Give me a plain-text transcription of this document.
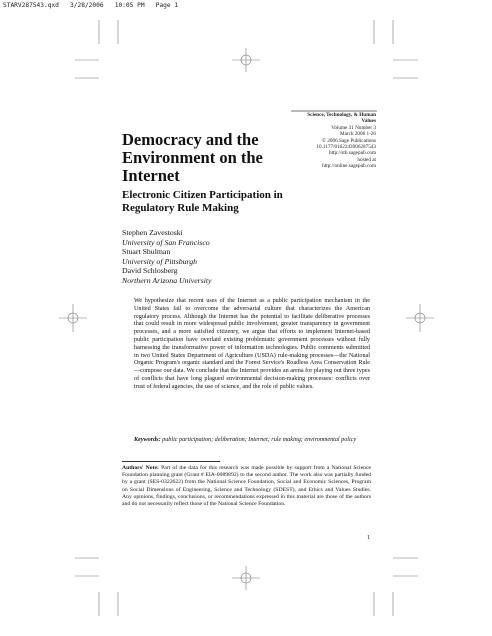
STARV287543.qxd   3/28/2006   10:05 PM   Page 1
Science, Technology, & Human Values
Volume 31 Number 3
March 2006 1-26
© 2006 Sage Publications
10.1177/0162243906287543
http://sth.sagepub.com
hosted at
http://online.sagepub.com
Democracy and the Environment on the Internet
Electronic Citizen Participation in Regulatory Rule Making
Stephen Zavestoski
University of San Francisco
Stuart Shulman
University of Pittsburgh
David Schlosberg
Northern Arizona University
We hypothesize that recent uses of the Internet as a public participation mechanism in the United States fail to overcome the adversarial culture that characterizes the American regulatory process. Although the Internet has the potential to facilitate deliberative processes that could result in more widespread public involvement, greater transparency in government processes, and a more satisfied citizenry, we argue that efforts to implement Internet-based public participation have overlaid existing problematic government processes without fully harnessing the transformative power of information technologies. Public comments submitted in two United States Department of Agriculture (USDA) rule-making processes—the National Organic Program's organic standard and the Forest Service's Roadless Area Conservation Rule—compose our data. We conclude that the Internet provides an arena for playing out three types of conflicts that have long plagued environmental decision-making processes: conflicts over trust of federal agencies, the use of science, and the role of public values.
Keywords: public participation; deliberation; Internet; rule making; environmental policy
Authors' Note: Part of the data for this research was made possible by support from a National Science Foundation planning grant (Grant # EIA-0089892) to the second author. The work also was partially funded by a grant (SES-0322622) from the National Science Foundation, Social and Economic Sciences, Program on Social Dimensions of Engineering, Science and Technology (SDEST), and Ethics and Values Studies. Any opinions, findings, conclusions, or recommendations expressed in this material are those of the authors and do not necessarily reflect those of the National Science Foundation.
1
